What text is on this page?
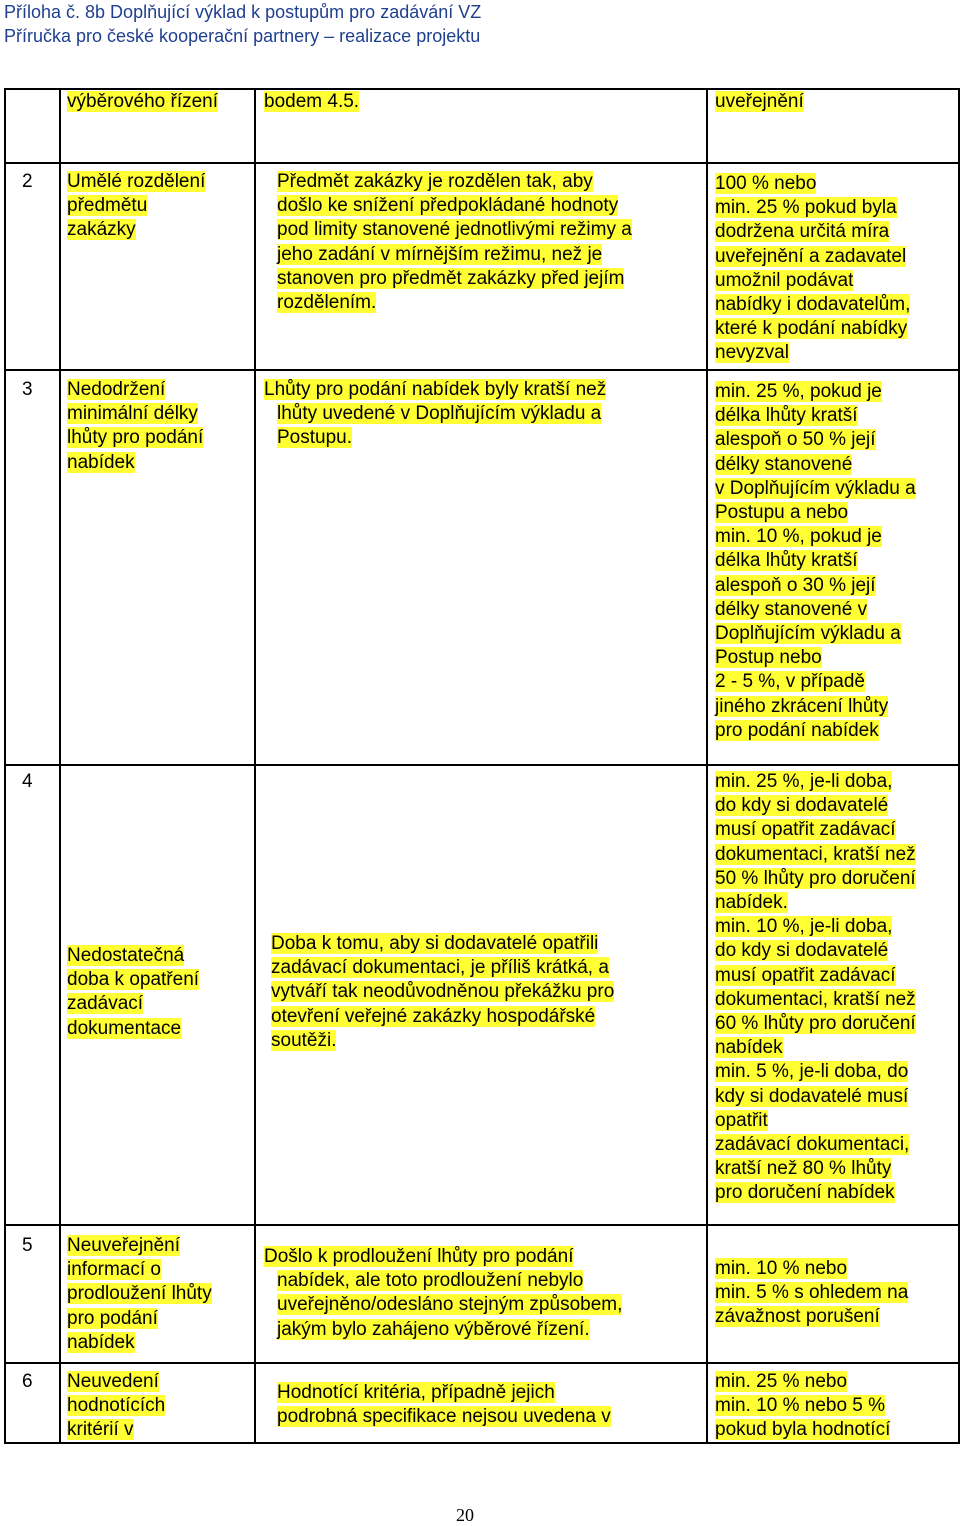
Příloha č. 8b Doplňující výklad k postupům pro zadávání VZ
Příručka pro české kooperační partnery – realizace projektu
výběrového řízení bodem 4.5.	uveřejnění
2 Umělé rozdělení
předmětu
zakázky
Předmět zakázky je rozdělen tak, aby
došlo ke snížení předpokládané hodnoty
pod limity stanovené jednotlivými režimy a
jeho zadání v mírnějším režimu, než je
stanoven pro předmět zakázky před jejím
rozdělením.
100 % nebo
min. 25 % pokud byla
dodržena určitá míra
uveřejnění a zadavatel
umožnil podávat
nabídky i dodavatelům,
které k podání nabídky
nevyzval
3 Nedodržení
minimální délky
lhůty pro podání
nabídek
Lhůty pro podání nabídek byly kratší než
lhůty uvedené v Doplňujícím výkladu a
Postupu.
min. 25 %, pokud je
délka lhůty kratší
alespoň o 50 % její
délky stanovené
v Doplňujícím výkladu a
Postupu a nebo
min. 10 %, pokud je
délka lhůty kratší
alespoň o 30 % její
délky stanovené v
Doplňujícím výkladu a
Postup nebo
2 - 5 %, v případě
jiného zkrácení lhůty
pro podání nabídek
4
Nedostatečná
doba k opatření
zadávací
dokumentace
Doba k tomu, aby si dodavatelé opatřili
zadávací dokumentaci, je příliš krátká, a
vytváří tak neodůvodněnou překážku pro
otevření veřejné zakázky hospodářské
soutěži.
min. 25 %, je-li doba,
do kdy si dodavatelé
musí opatřit zadávací
dokumentaci, kratší než
50 % lhůty pro doručení
nabídek.
min. 10 %, je-li doba,
do kdy si dodavatelé
musí opatřit zadávací
dokumentaci, kratší než
60 % lhůty pro doručení
nabídek
min. 5 %, je-li doba, do
kdy si dodavatelé musí
opatřit
zadávací dokumentaci,
kratší než 80 % lhůty
pro doručení nabídek
5 Neuveřejnění
informací o
prodloužení lhůty
pro podání
nabídek
Došlo k prodloužení lhůty pro podání
nabídek, ale toto prodloužení nebylo
uveřejněno/odesláno stejným způsobem,
jakým bylo zahájeno výběrové řízení.
min. 10 % nebo
min. 5 % s ohledem na
závažnost porušení
6 Neuvedení
hodnotících
kritérií v
Hodnotící kritéria, případně jejich
podrobná specifikace nejsou uvedena v
min. 25 % nebo
min. 10 % nebo 5 %
pokud byla hodnotící
20
